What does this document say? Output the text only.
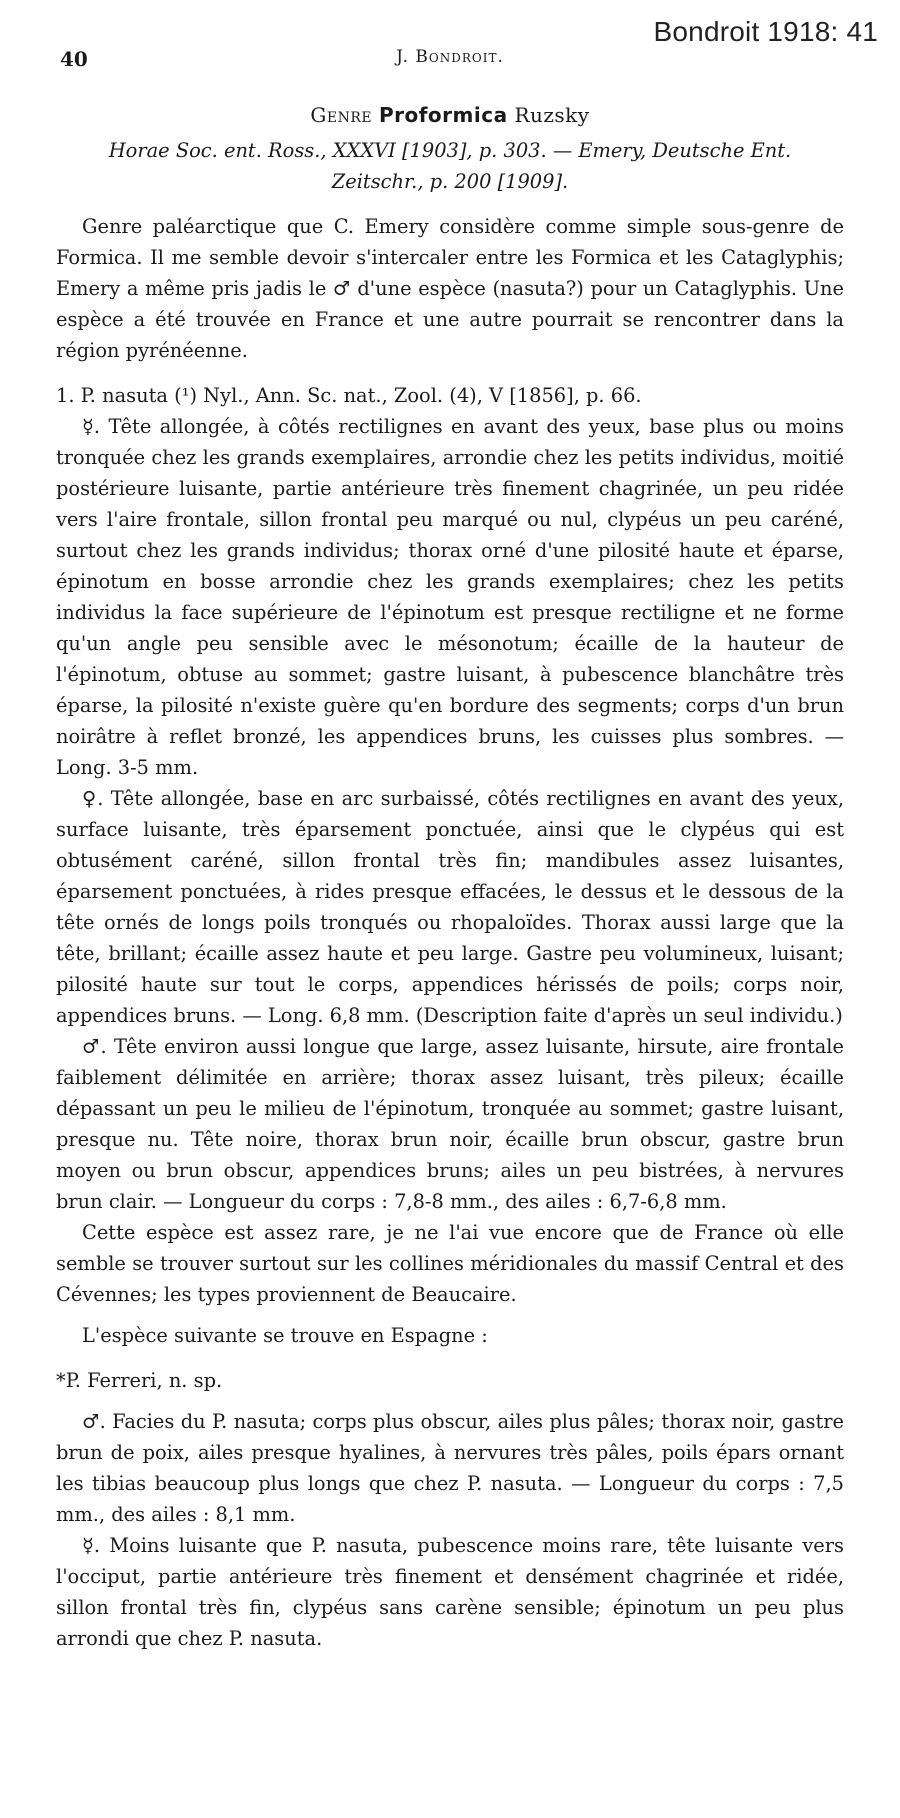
Bondroit 1918: 41
40	J. Bondroit.

Genre Proformica Ruzsky

Horae Soc. ent. Ross., XXXVI [1903], p. 303. — Emery, Deutsche Ent.

Zeitschr., p. 200 [1909].

Genre paléarctique que C. Emery considère comme simple sous-genre de Formica. Il me semble devoir s'intercaler entre les Formica et les Cataglyphis; Emery a même pris jadis le ♂ d'une espèce (nasuta?) pour un Cataglyphis. Une espèce a été trouvée en France et une autre pourrait se rencontrer dans la région pyrénéenne.

1. P. nasuta (¹) Nyl., Ann. Sc. nat., Zool. (4), V [1856], p. 66.

☿. Tête allongée, à côtés rectilignes en avant des yeux, base plus ou moins tronquée chez les grands exemplaires, arrondie chez les petits individus, moitié postérieure luisante, partie antérieure très finement chagrinée, un peu ridée vers l'aire frontale, sillon frontal peu marqué ou nul, clypéus un peu caréné, surtout chez les grands individus; thorax orné d'une pilosité haute et éparse, épinotum en bosse arrondie chez les grands exemplaires; chez les petits individus la face supérieure de l'épinotum est presque rectiligne et ne forme qu'un angle peu sensible avec le mésonotum; écaille de la hauteur de l'épinotum, obtuse au sommet; gastre luisant, à pubescence blanchâtre très éparse, la pilosité n'existe guère qu'en bordure des segments; corps d'un brun noirâtre à reflet bronzé, les appendices bruns, les cuisses plus sombres. — Long. 3-5 mm.

♀. Tête allongée, base en arc surbaissé, côtés rectilignes en avant des yeux, surface luisante, très éparsement ponctuée, ainsi que le clypéus qui est obtusément caréné, sillon frontal très fin; mandibules assez luisantes, éparsement ponctuées, à rides presque effacées, le dessus et le dessous de la tête ornés de longs poils tronqués ou rhopaloïdes. Thorax aussi large que la tête, brillant; écaille assez haute et peu large. Gastre peu volumineux, luisant; pilosité haute sur tout le corps, appendices hérissés de poils; corps noir, appendices bruns. — Long. 6,8 mm. (Description faite d'après un seul individu.)

♂. Tête environ aussi longue que large, assez luisante, hirsute, aire frontale faiblement délimitée en arrière; thorax assez luisant, très pileux; écaille dépassant un peu le milieu de l'épinotum, tronquée au sommet; gastre luisant, presque nu. Tête noire, thorax brun noir, écaille brun obscur, gastre brun moyen ou brun obscur, appendices bruns; ailes un peu bistrées, à nervures brun clair. — Longueur du corps : 7,8-8 mm., des ailes : 6,7-6,8 mm.

Cette espèce est assez rare, je ne l'ai vue encore que de France où elle semble se trouver surtout sur les collines méridionales du massif Central et des Cévennes; les types proviennent de Beaucaire.

L'espèce suivante se trouve en Espagne :

*P. Ferreri, n. sp.

♂. Facies du P. nasuta; corps plus obscur, ailes plus pâles; thorax noir, gastre brun de poix, ailes presque hyalines, à nervures très pâles, poils épars ornant les tibias beaucoup plus longs que chez P. nasuta. — Longueur du corps : 7,5 mm., des ailes : 8,1 mm.

☿. Moins luisante que P. nasuta, pubescence moins rare, tête luisante vers l'occiput, partie antérieure très finement et densément chagrinée et ridée, sillon frontal très fin, clypéus sans carène sensible; épinotum un peu plus arrondi que chez P. nasuta.
